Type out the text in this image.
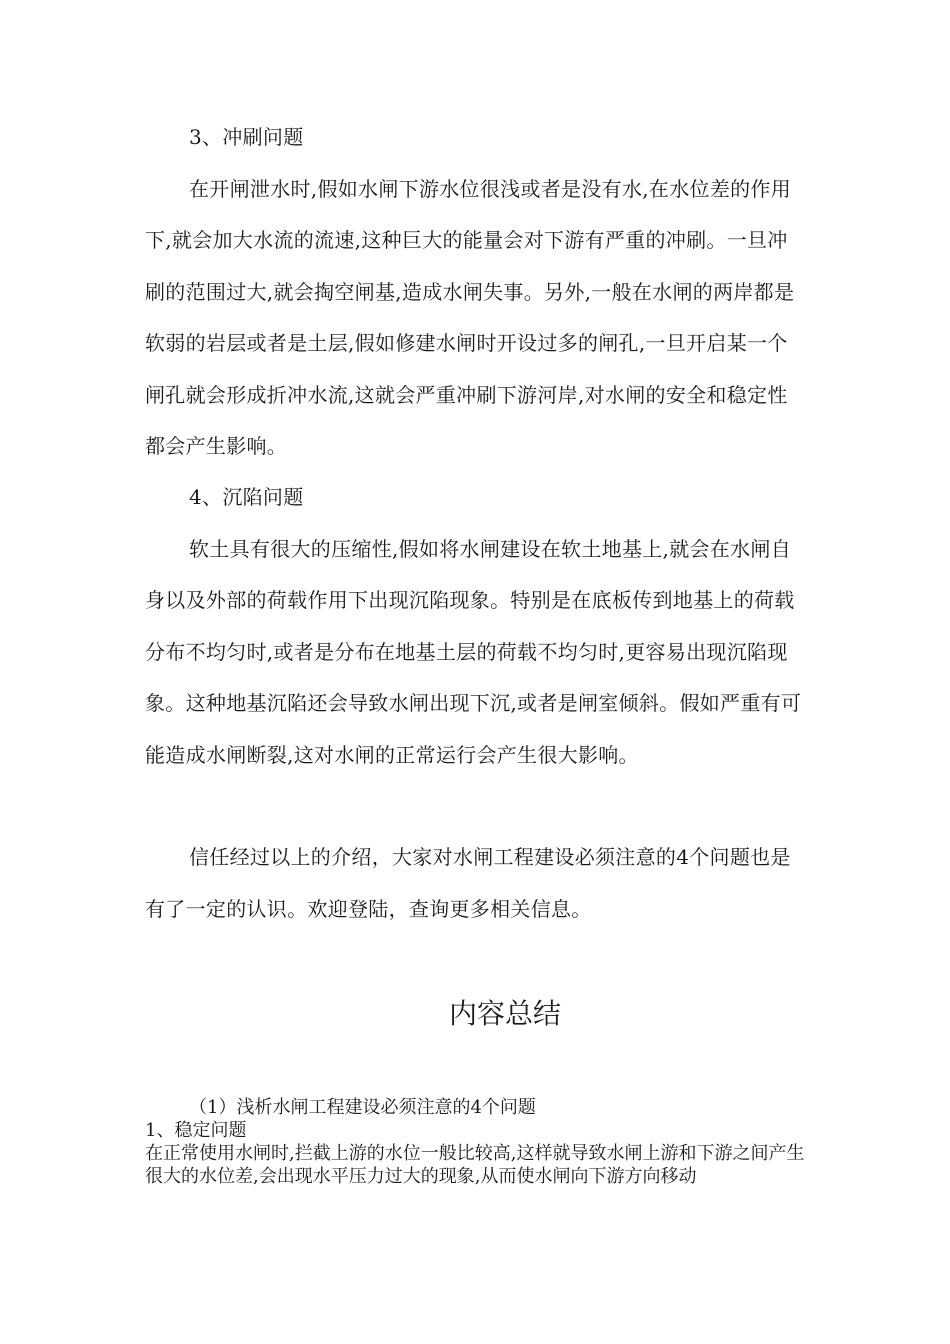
3、冲刷问题

在开闸泄水时,假如水闸下游水位很浅或者是没有水,在水位差的作用下,就会加大水流的流速,这种巨大的能量会对下游有严重的冲刷。一旦冲刷的范围过大,就会掏空闸基,造成水闸失事。另外,一般在水闸的两岸都是软弱的岩层或者是土层,假如修建水闸时开设过多的闸孔,一旦开启某一个闸孔就会形成折冲水流,这就会严重冲刷下游河岸,对水闸的安全和稳定性都会产生影响。

4、沉陷问题

软土具有很大的压缩性,假如将水闸建设在软土地基上,就会在水闸自身以及外部的荷载作用下出现沉陷现象。特别是在底板传到地基上的荷载分布不均匀时,或者是分布在地基土层的荷载不均匀时,更容易出现沉陷现象。这种地基沉陷还会导致水闸出现下沉,或者是闸室倾斜。假如严重有可能造成水闸断裂,这对水闸的正常运行会产生很大影响。

信任经过以上的介绍，大家对水闸工程建设必须注意的4个问题也是有了一定的认识。欢迎登陆，查询更多相关信息。

内容总结

（1）浅析水闸工程建设必须注意的4个问题

1、稳定问题

在正常使用水闸时,拦截上游的水位一般比较高,这样就导致水闸上游和下游之间产生很大的水位差,会出现水平压力过大的现象,从而使水闸向下游方向移动
